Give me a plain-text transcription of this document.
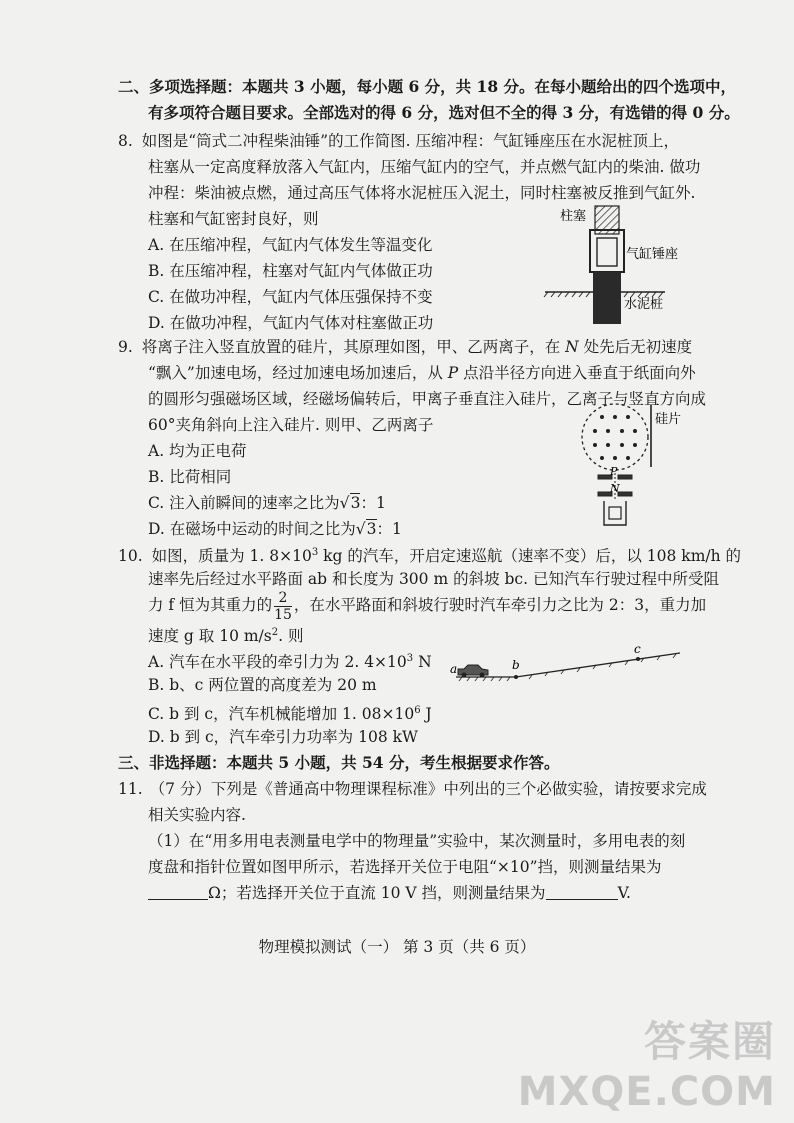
二、多项选择题：本题共 3 小题，每小题 6 分，共 18 分。在每小题给出的四个选项中，
有多项符合题目要求。全部选对的得 6 分，选对但不全的得 3 分，有选错的得 0 分。
8. 如图是“筒式二冲程柴油锤”的工作简图. 压缩冲程：气缸锤座压在水泥桩顶上，
柱塞从一定高度释放落入气缸内，压缩气缸内的空气，并点燃气缸内的柴油. 做功
冲程：柴油被点燃，通过高压气体将水泥桩压入泥土，同时柱塞被反推到气缸外.
柱塞和气缸密封良好，则
A. 在压缩冲程，气缸内气体发生等温变化
B. 在压缩冲程，柱塞对气缸内气体做正功
C. 在做功冲程，气缸内气体压强保持不变
D. 在做功冲程，气缸内气体对柱塞做正功
柱塞
气缸锤座
水泥桩
9. 将离子注入竖直放置的硅片，其原理如图，甲、乙两离子，在 N 处先后无初速度
“飘入”加速电场，经过加速电场加速后，从 P 点沿半径方向进入垂直于纸面向外
的圆形匀强磁场区域，经磁场偏转后，甲离子垂直注入硅片，乙离子与竖直方向成
60°夹角斜向上注入硅片. 则甲、乙两离子
A. 均为正电荷
B. 比荷相同
C. 注入前瞬间的速率之比为√3：1
D. 在磁场中运动的时间之比为√3：1
硅片
P
N
10. 如图，质量为 1. $8\times 10^3$ kg 的汽车，开启定速巡航（速率不变）后，以 108 km/h 的
速率先后经过水平路面 ab 和长度为 300 m 的斜坡 bc. 已知汽车行驶过程中所受阻
力 f 恒为其重力的 $\frac{2}{15}$ ，在水平路面和斜坡行驶时汽车牵引力之比为 2：3，重力加
速度 g 取 10 $m/s^2$. 则
A. 汽车在水平段的牵引力为 2. $4\times 10^3$ N
B. b、c 两位置的高度差为 20 m
C. b 到 c，汽车机械能增加 1. $08\times 10^6$ J
D. b 到 c，汽车牵引力功率为 108 kW
a	b
c
三、非选择题：本题共 5 小题，共 54 分，考生根据要求作答。
11. （7 分）下列是《普通高中物理课程标准》中列出的三个必做实验，请按要求完成
相关实验内容.
（1）在“用多用电表测量电学中的物理量”实验中，某次测量时，多用电表的刻
度盘和指针位置如图甲所示，若选择开关位于电阻“×10”挡，则测量结果为
Ω；若选择开关位于直流 10 V 挡，则测量结果为	V.
物理模拟测试（一） 第 3 页（共 6 页）
答案圈
MXQE.COM
